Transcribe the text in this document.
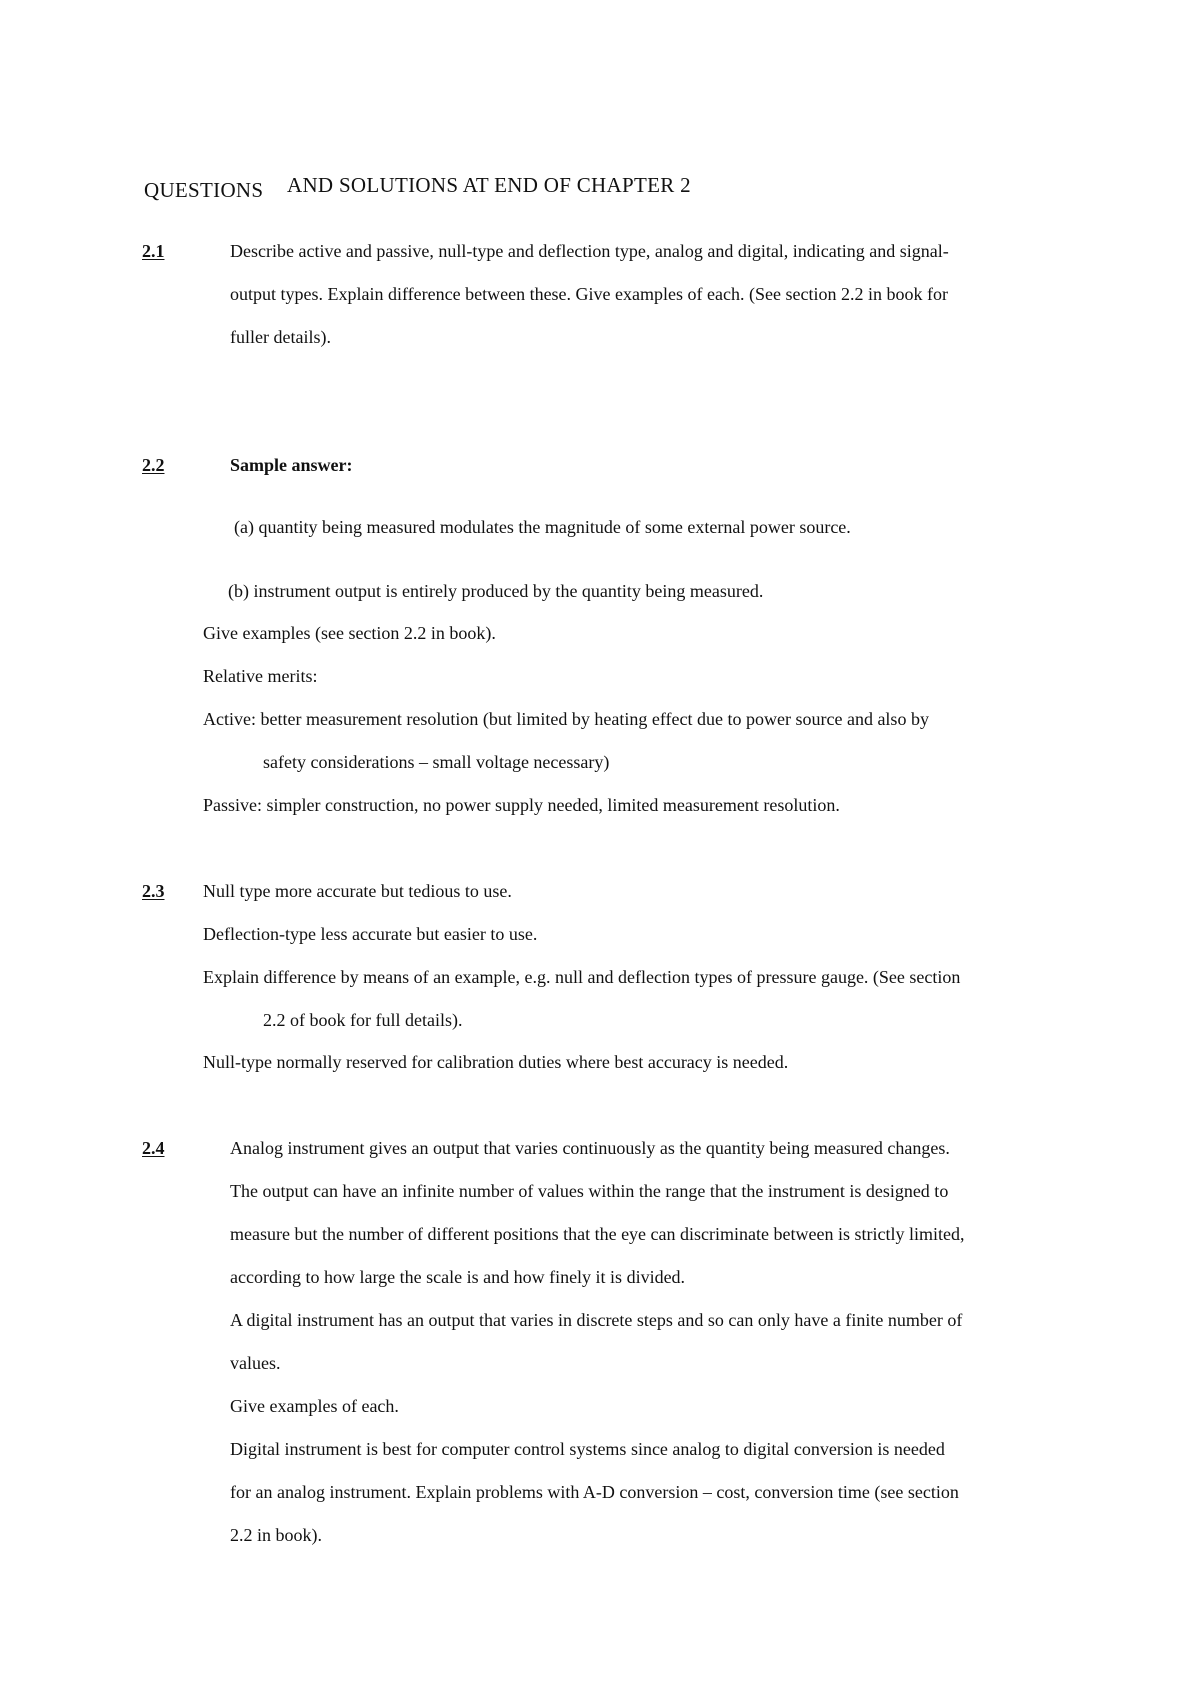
QUESTIONS AND SOLUTIONS AT END OF CHAPTER 2
2.1	Describe active and passive, null-type and deflection type, analog and digital, indicating and signal-
output types. Explain difference between these. Give examples of each. (See section 2.2 in book for
fuller details).
2.2	Sample answer:
(a) quantity being measured modulates the magnitude of some external power source.
(b) instrument output is entirely produced by the quantity being measured.
Give examples (see section 2.2 in book).
Relative merits:
Active: better measurement resolution (but limited by heating effect due to power source and also by
safety considerations – small voltage necessary)
Passive: simpler construction, no power supply needed, limited measurement resolution.
2.3 Null type more accurate but tedious to use.
Deflection-type less accurate but easier to use.
Explain difference by means of an example, e.g. null and deflection types of pressure gauge. (See section
2.2 of book for full details).
Null-type normally reserved for calibration duties where best accuracy is needed.
2.4	Analog instrument gives an output that varies continuously as the quantity being measured changes.
The output can have an infinite number of values within the range that the instrument is designed to
measure but the number of different positions that the eye can discriminate between is strictly limited,
according to how large the scale is and how finely it is divided.
A digital instrument has an output that varies in discrete steps and so can only have a finite number of
values.
Give examples of each.
Digital instrument is best for computer control systems since analog to digital conversion is needed
for an analog instrument. Explain problems with A-D conversion – cost, conversion time (see section
2.2 in book).
